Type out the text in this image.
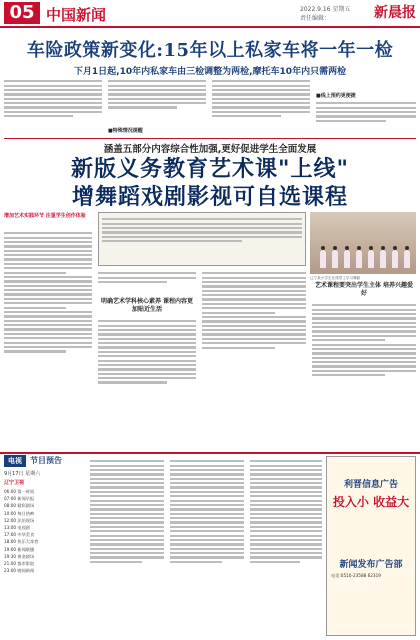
05 中国新闻	2022.9.16 星期五
责任编辑：	新晨报
车险政策新变化:15年以上私家车将一年一检
下月1日起,10年内私家车由三检调整为两检,摩托车10年内只需两检
■特殊情况提醒
■线上预约更便捷
涵盖五部分内容综合性加强,更好促进学生全面发展
新版义务教育艺术课"上线"
增舞蹈戏剧影视可自选课程
增加艺术实践环节 注重学生创作体验
辽宁某小学生在课堂上学习舞蹈
明确艺术学科核心素养 课程内容更加贴近生活
艺术课程要突出学生主体 培养兴趣爱好
电视	节目预告
9月17日 星期六
辽宁卫视
06:00 第一时间
07:00 新闻早报
08:00 精彩剧场
10:00 每日热映
12:00 法治现场
13:00 电视剧
17:00 中华美食
18:00 快乐大本营
19:00 新闻联播
19:30 黄金剧场
21:00 都市影院
23:00 晚间新闻
利晋信息广告
投入小 收益大
新闻发布广告部
电话:0510-23588 62319
